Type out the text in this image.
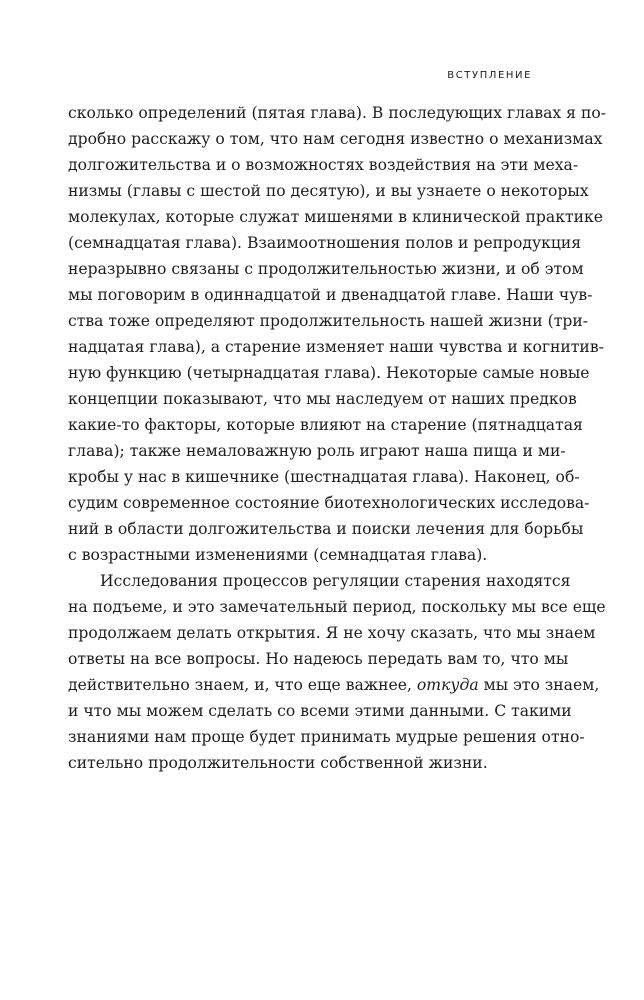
ВСТУПЛЕНИЕ
сколько определений (пятая глава). В последующих главах я по-
дробно расскажу о том, что нам сегодня известно о механизмах
долгожительства и о возможностях воздействия на эти меха-
низмы (главы с шестой по десятую), и вы узнаете о некоторых
молекулах, которые служат мишенями в клинической практике
(семнадцатая глава). Взаимоотношения полов и репродукция
неразрывно связаны с продолжительностью жизни, и об этом
мы поговорим в одиннадцатой и двенадцатой главе. Наши чув-
ства тоже определяют продолжительность нашей жизни (три-
надцатая глава), а старение изменяет наши чувства и когнитив-
ную функцию (четырнадцатая глава). Некоторые самые новые
концепции показывают, что мы наследуем от наших предков
какие-то факторы, которые влияют на старение (пятнадцатая
глава); также немаловажную роль играют наша пища и ми-
кробы у нас в кишечнике (шестнадцатая глава). Наконец, об-
судим современное состояние биотехнологических исследова-
ний в области долгожительства и поиски лечения для борьбы
с возрастными изменениями (семнадцатая глава).
Исследования процессов регуляции старения находятся
на подъеме, и это замечательный период, поскольку мы все еще
продолжаем делать открытия. Я не хочу сказать, что мы знаем
ответы на все вопросы. Но надеюсь передать вам то, что мы
действительно знаем, и, что еще важнее, откуда мы это знаем,
и что мы можем сделать со всеми этими данными. С такими
знаниями нам проще будет принимать мудрые решения отно-
сительно продолжительности собственной жизни.
